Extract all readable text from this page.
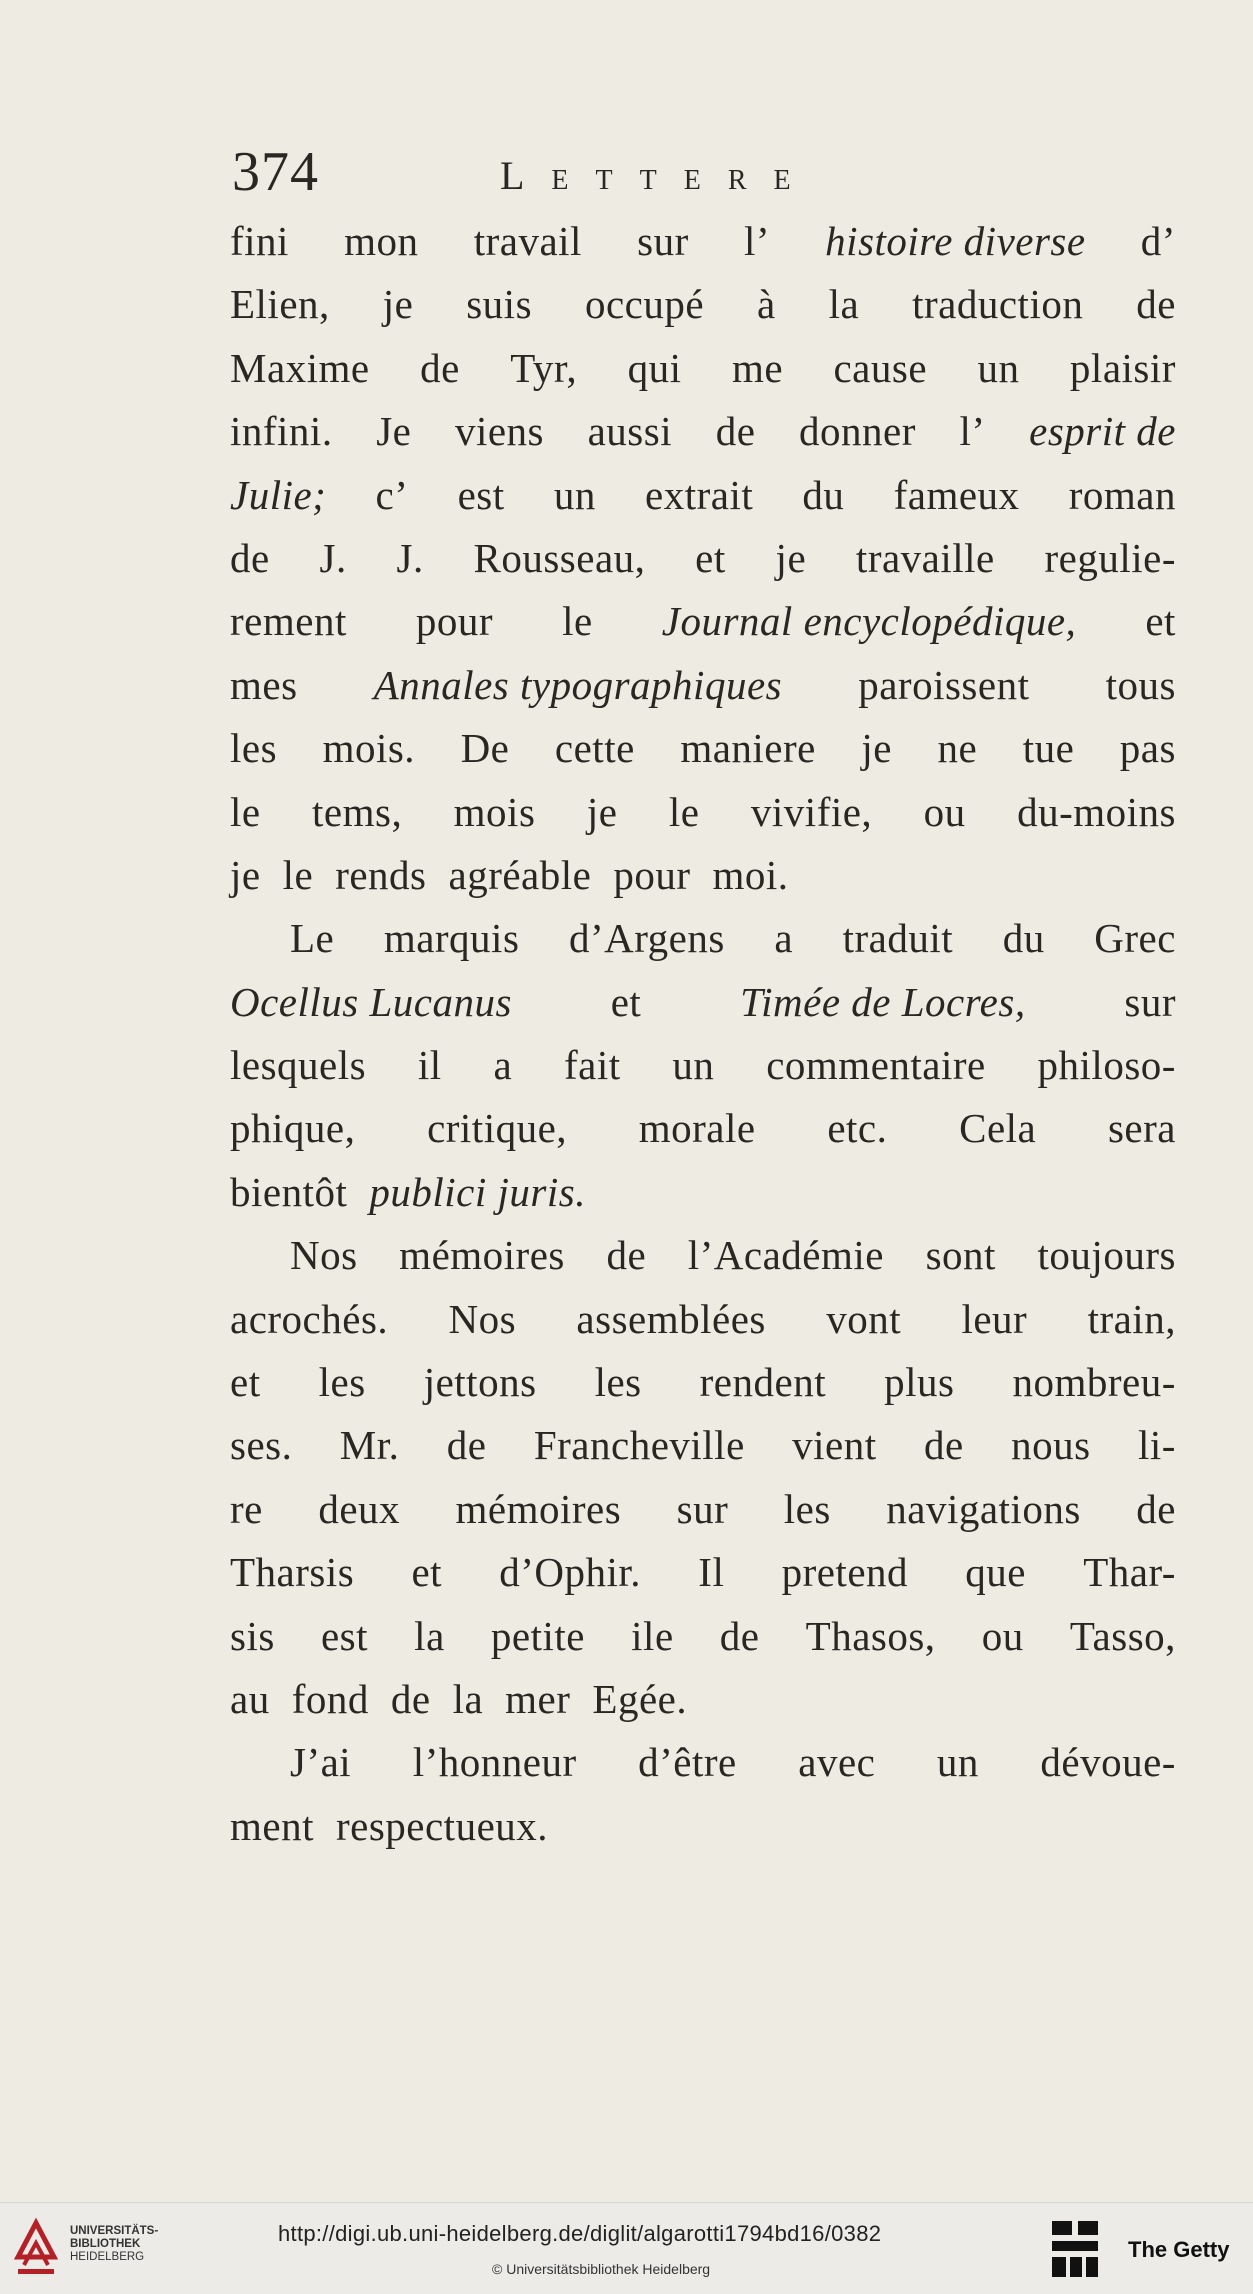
374	Lettere
fini mon travail sur l’ histoire diverse d’
Elien, je suis occupé à la traduction de
Maxime de Tyr, qui me cause un plaisir
infini. Je viens aussi de donner l’ esprit de
Julie; c’ est un extrait du fameux roman
de J. J. Rousseau, et je travaille regulie-
rement pour le Journal encyclopédique, et
mes Annales typographiques paroissent tous
les mois. De cette maniere je ne tue pas
le tems, mois je le vivifie, ou du-moins
je le rends agréable pour moi.
Le marquis d’Argens a traduit du Grec
Ocellus Lucanus et Timée de Locres, sur
lesquels il a fait un commentaire philoso-
phique, critique, morale etc. Cela sera
bientôt publici juris.
Nos mémoires de l’Académie sont toujours
acrochés. Nos assemblées vont leur train,
et les jettons les rendent plus nombreu-
ses. Mr. de Francheville vient de nous li-
re deux mémoires sur les navigations de
Tharsis et d’Ophir. Il pretend que Thar-
sis est la petite ile de Thasos, ou Tasso,
au fond de la mer Egée.
J’ai l’honneur d’être avec un dévoue-
ment respectueux.
UNIVERSITÄTS-
BIBLIOTHEK
HEIDELBERG
http://digi.ub.uni-heidelberg.de/diglit/algarotti1794bd16/0382
© Universitätsbibliothek Heidelberg
The Getty
